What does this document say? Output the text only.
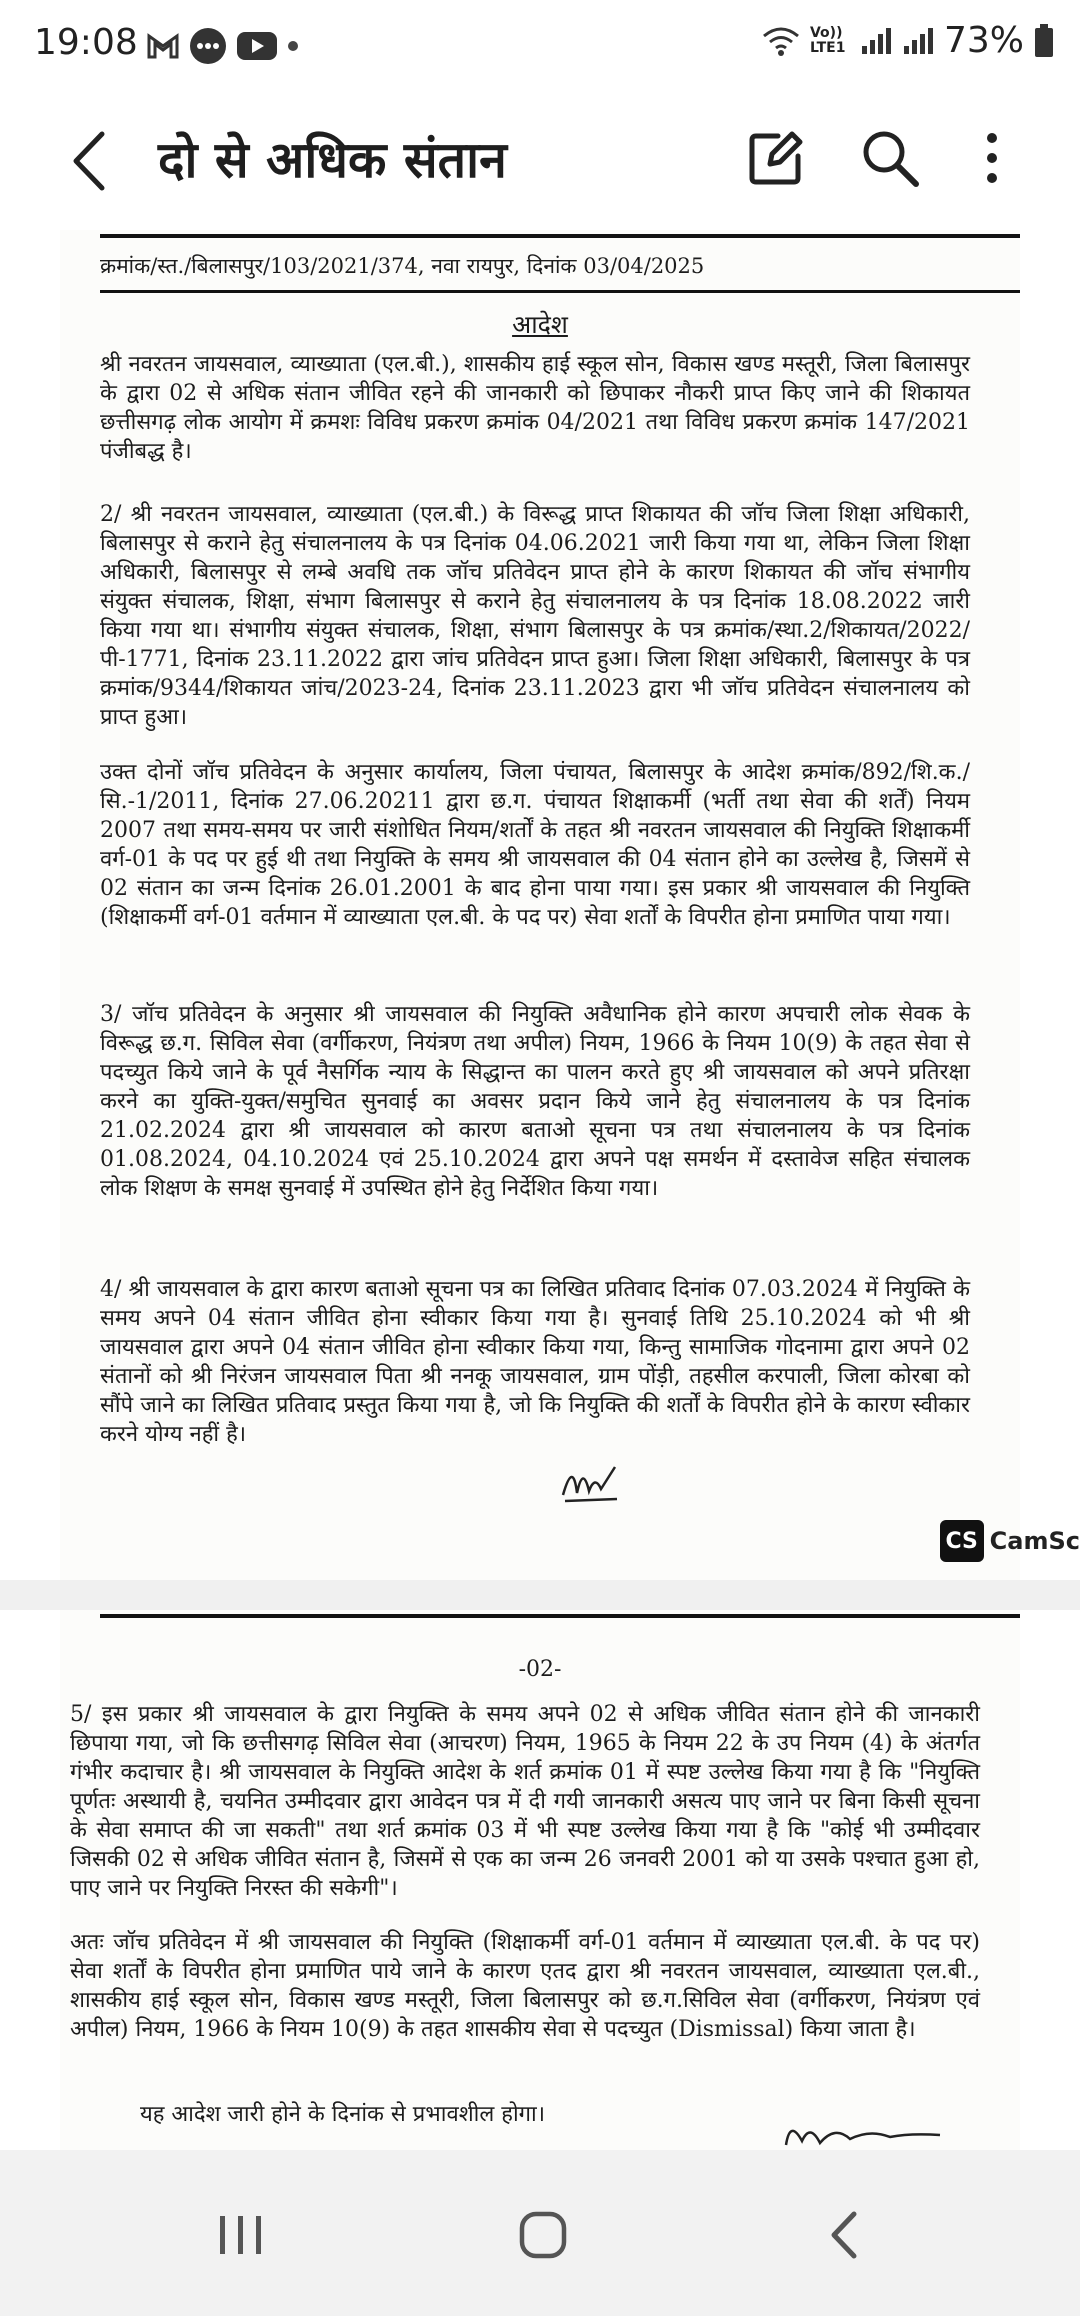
19:08	Vo)) LTE1	73%
दो से अधिक संतान
क्रमांक/स्त./बिलासपुर/103/2021/374, नवा रायपुर, दिनांक 03/04/2025
आदेश
श्री नवरतन जायसवाल, व्याख्याता (एल.बी.), शासकीय हाई स्कूल सोन, विकास खण्ड मस्तूरी, जिला बिलासपुर के द्वारा 02 से अधिक संतान जीवित रहने की जानकारी को छिपाकर नौकरी प्राप्त किए जाने की शिकायत छत्तीसगढ़ लोक आयोग में क्रमशः विविध प्रकरण क्रमांक 04/2021 तथा विविध प्रकरण क्रमांक 147/2021 पंजीबद्ध है।
2/ श्री नवरतन जायसवाल, व्याख्याता (एल.बी.) के विरूद्ध प्राप्त शिकायत की जॉच जिला शिक्षा अधिकारी, बिलासपुर से कराने हेतु संचालनालय के पत्र दिनांक 04.06.2021 जारी किया गया था, लेकिन जिला शिक्षा अधिकारी, बिलासपुर से लम्बे अवधि तक जॉच प्रतिवेदन प्राप्त होने के कारण शिकायत की जॉच संभागीय संयुक्त संचालक, शिक्षा, संभाग बिलासपुर से कराने हेतु संचालनालय के पत्र दिनांक 18.08.2022 जारी किया गया था। संभागीय संयुक्त संचालक, शिक्षा, संभाग बिलासपुर के पत्र क्रमांक/स्था.2/शिकायत/2022/पी-1771, दिनांक 23.11.2022 द्वारा जांच प्रतिवेदन प्राप्त हुआ। जिला शिक्षा अधिकारी, बिलासपुर के पत्र क्रमांक/9344/शिकायत जांच/2023-24, दिनांक 23.11.2023 द्वारा भी जॉच प्रतिवेदन संचालनालय को प्राप्त हुआ।
उक्त दोनों जॉच प्रतिवेदन के अनुसार कार्यालय, जिला पंचायत, बिलासपुर के आदेश क्रमांक/892/शि.क./सि.-1/2011, दिनांक 27.06.20211 द्वारा छ.ग. पंचायत शिक्षाकर्मी (भर्ती तथा सेवा की शर्तें) नियम 2007 तथा समय-समय पर जारी संशोधित नियम/शर्तों के तहत श्री नवरतन जायसवाल की नियुक्ति शिक्षाकर्मी वर्ग-01 के पद पर हुई थी तथा नियुक्ति के समय श्री जायसवाल की 04 संतान होने का उल्लेख है, जिसमें से 02 संतान का जन्म दिनांक 26.01.2001 के बाद होना पाया गया। इस प्रकार श्री जायसवाल की नियुक्ति (शिक्षाकर्मी वर्ग-01 वर्तमान में व्याख्याता एल.बी. के पद पर) सेवा शर्तों के विपरीत होना प्रमाणित पाया गया।
3/ जॉच प्रतिवेदन के अनुसार श्री जायसवाल की नियुक्ति अवैधानिक होने कारण अपचारी लोक सेवक के विरूद्ध छ.ग. सिविल सेवा (वर्गीकरण, नियंत्रण तथा अपील) नियम, 1966 के नियम 10(9) के तहत सेवा से पदच्युत किये जाने के पूर्व नैसर्गिक न्याय के सिद्धान्त का पालन करते हुए श्री जायसवाल को अपने प्रतिरक्षा करने का युक्ति-युक्त/समुचित सुनवाई का अवसर प्रदान किये जाने हेतु संचालनालय के पत्र दिनांक 21.02.2024 द्वारा श्री जायसवाल को कारण बताओ सूचना पत्र तथा संचालनालय के पत्र दिनांक 01.08.2024, 04.10.2024 एवं 25.10.2024 द्वारा अपने पक्ष समर्थन में दस्तावेज सहित संचालक लोक शिक्षण के समक्ष सुनवाई में उपस्थित होने हेतु निर्देशित किया गया।
4/ श्री जायसवाल के द्वारा कारण बताओ सूचना पत्र का लिखित प्रतिवाद दिनांक 07.03.2024 में नियुक्ति के समय अपने 04 संतान जीवित होना स्वीकार किया गया है। सुनवाई तिथि 25.10.2024 को भी श्री जायसवाल द्वारा अपने 04 संतान जीवित होना स्वीकार किया गया, किन्तु सामाजिक गोदनामा द्वारा अपने 02 संतानों को श्री निरंजन जायसवाल पिता श्री ननकू जायसवाल, ग्राम पोंड़ी, तहसील करपाली, जिला कोरबा को सौंपे जाने का लिखित प्रतिवाद प्रस्तुत किया गया है, जो कि नियुक्ति की शर्तों के विपरीत होने के कारण स्वीकार करने योग्य नहीं है।
CS CamSc
-02-
5/ इस प्रकार श्री जायसवाल के द्वारा नियुक्ति के समय अपने 02 से अधिक जीवित संतान होने की जानकारी छिपाया गया, जो कि छत्तीसगढ़ सिविल सेवा (आचरण) नियम, 1965 के नियम 22 के उप नियम (4) के अंतर्गत गंभीर कदाचार है। श्री जायसवाल के नियुक्ति आदेश के शर्त क्रमांक 01 में स्पष्ट उल्लेख किया गया है कि "नियुक्ति पूर्णतः अस्थायी है, चयनित उम्मीदवार द्वारा आवेदन पत्र में दी गयी जानकारी असत्य पाए जाने पर बिना किसी सूचना के सेवा समाप्त की जा सकती" तथा शर्त क्रमांक 03 में भी स्पष्ट उल्लेख किया गया है कि "कोई भी उम्मीदवार जिसकी 02 से अधिक जीवित संतान है, जिसमें से एक का जन्म 26 जनवरी 2001 को या उसके पश्चात हुआ हो, पाए जाने पर नियुक्ति निरस्त की सकेगी"।
अतः जॉच प्रतिवेदन में श्री जायसवाल की नियुक्ति (शिक्षाकर्मी वर्ग-01 वर्तमान में व्याख्याता एल.बी. के पद पर) सेवा शर्तों के विपरीत होना प्रमाणित पाये जाने के कारण एतद द्वारा श्री नवरतन जायसवाल, व्याख्याता एल.बी., शासकीय हाई स्कूल सोन, विकास खण्ड मस्तूरी, जिला बिलासपुर को छ.ग.सिविल सेवा (वर्गीकरण, नियंत्रण एवं अपील) नियम, 1966 के नियम 10(9) के तहत शासकीय सेवा से पदच्युत (Dismissal) किया जाता है।
यह आदेश जारी होने के दिनांक से प्रभावशील होगा।
